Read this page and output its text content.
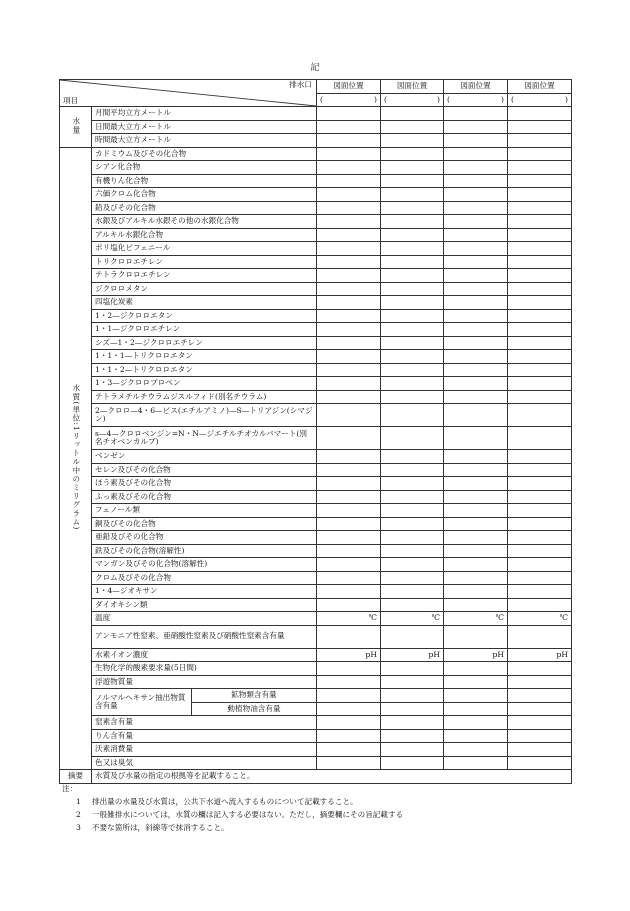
記
排水口
項目			図面位置	図面位置	図面位置	図面位置

			( )	( )	( )	( )

水量	月間平均立方メートル					
	日間最大立方メートル					
	時間最大立方メートル					
水質(単位:1リットル中のミリグラム)	カドミウム及びその化合物					
	シアン化合物					
	有機りん化合物					
	六価クロム化合物					
	鉛及びその化合物					
	水銀及びアルキル水銀その他の水銀化合物					
	アルキル水銀化合物					
	ポリ塩化ビフェニール					
	トリクロロエチレン					
	テトラクロロエチレン					
	ジクロロメタン					
	四塩化炭素					
	1・2—ジクロロエタン					
	1・1—ジクロロエチレン					
	シズ—1・2—ジクロロエチレン					
	1・1・1—トリクロロエタン					
	1・1・2—トリクロロエタン					
	1・3—ジクロロプロペン					
	テトラメチルチウラムジスルフィド(別名チウラム)					
	2—クロロ—4・6—ビス(エチルアミノ)—S—トリアジン(シマジン)					
	s—4—クロロベンジン=N・N—ジエチルチオカルバマート(別名チオベンカルブ)					
	ベンゼン					
	セレン及びその化合物					
	ほう素及びその化合物					
	ふっ素及びその化合物					
	フェノール類					
	銅及びその化合物					
	亜鉛及びその化合物					
	鉄及びその化合物(溶解性)					
	マンガン及びその化合物(溶解性)					
	クロム及びその化合物					
	1・4—ジオキサン					
	ダイオキシン類					
	温度		℃	℃	℃	℃
	アンモニア性窒素、亜硝酸性窒素及び硝酸性窒素含有量					
	水素イオン濃度		pH	pH	pH	pH
	生物化学的酸素要求量(5日間)					
	浮遊物質量					
	ノルマルヘキサン抽出物質含有量	鉱物類含有量				
		動植物油含有量				
	窒素含有量					
	りん含有量					
	沃素消費量					
	色又は臭気					
摘要	水質及び水量の指定の根拠等を記載すること。					
注：
1 排出量の水量及び水質は，公共下水道へ流入するものについて記載すること。
2 一般雑排水については，水質の欄は記入する必要はない。ただし，摘要欄にその旨記載する
3 不要な箇所は，斜線等で抹消すること。
